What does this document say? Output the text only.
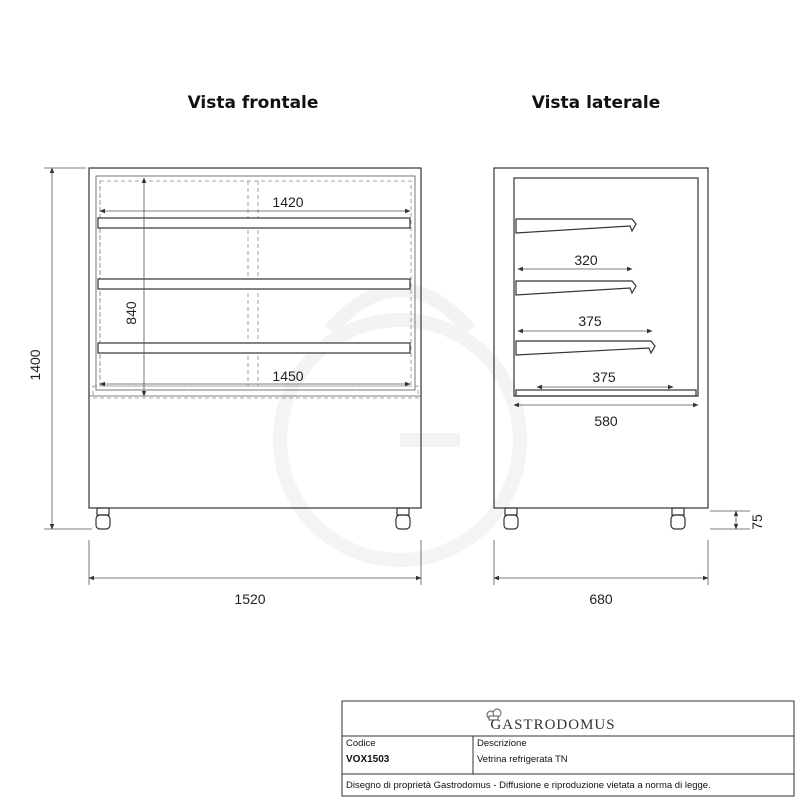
Vista frontale
1420
1450
840
1400
1520
Vista laterale
320
375
375
580
680
75
GASTRODOMUS
Codice
VOX1503
Descrizione
Vetrina refrigerata TN
Disegno di proprietà Gastrodomus - Diffusione e riproduzione vietata a norma di legge.
